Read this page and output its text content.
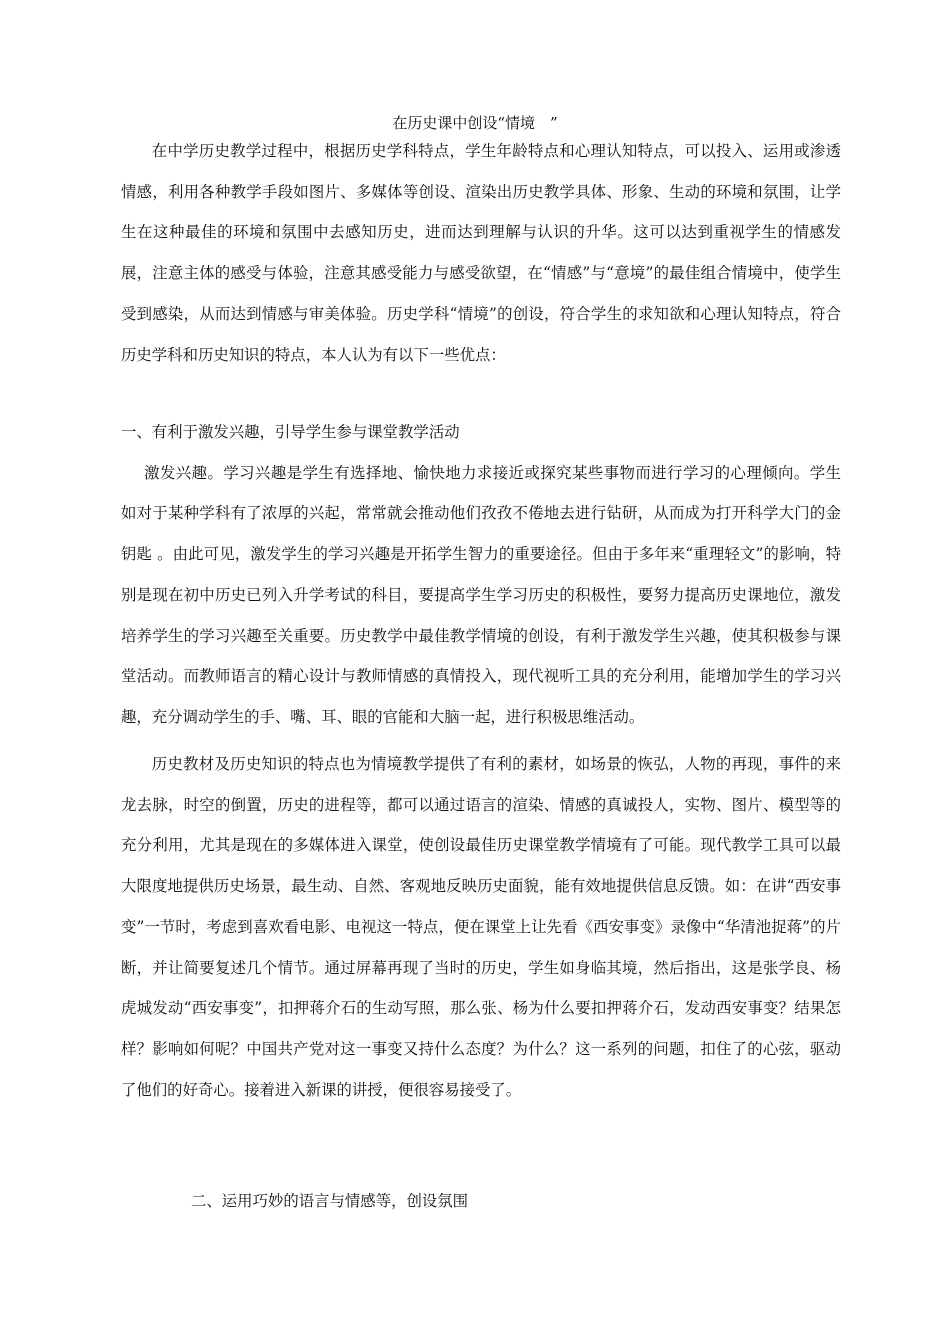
在历史课中创设“情境　”

在中学历史教学过程中，根据历史学科特点，学生年龄特点和心理认知特点，可以投入、运用或渗透情感，利用各种教学手段如图片、多媒体等创设、渲染出历史教学具体、形象、生动的环境和氛围，让学生在这种最佳的环境和氛围中去感知历史，进而达到理解与认识的升华。这可以达到重视学生的情感发展，注意主体的感受与体验，注意其感受能力与感受欲望，在“情感”与“意境”的最佳组合情境中，使学生受到感染，从而达到情感与审美体验。历史学科“情境”的创设，符合学生的求知欲和心理认知特点，符合历史学科和历史知识的特点，本人认为有以下一些优点：

一、有利于激发兴趣，引导学生参与课堂教学活动

激发兴趣。学习兴趣是学生有选择地、愉快地力求接近或探究某些事物而进行学习的心理倾向。学生 如对于某种学科有了浓厚的兴起，常常就会推动他们孜孜不倦地去进行钻研，从而成为打开科学大门的金钥匙 。由此可见，激发学生的学习兴趣是开拓学生智力的重要途径。但由于多年来“重理轻文”的影响，特别是现在初中历史已列入升学考试的科目，要提高学生学习历史的积极性，要努力提高历史课地位，激发培养学生的学习兴趣至关重要。历史教学中最佳教学情境的创设，有利于激发学生兴趣，使其积极参与课堂活动。而教师语言的精心设计与教师情感的真情投入，现代视听工具的充分利用，能增加学生的学习兴趣，充分调动学生的手、嘴、耳、眼的官能和大脑一起，进行积极思维活动。

历史教材及历史知识的特点也为情境教学提供了有利的素材，如场景的恢弘，人物的再现，事件的来龙去脉，时空的倒置，历史的进程等，都可以通过语言的渲染、情感的真诚投人，实物、图片、模型等的充分利用，尤其是现在的多媒体进入课堂，使创设最佳历史课堂教学情境有了可能。现代教学工具可以最大限度地提供历史场景，最生动、自然、客观地反映历史面貌，能有效地提供信息反馈。如：在讲“西安事变”一节时，考虑到喜欢看电影、电视这一特点，便在课堂上让先看《西安事变》录像中“华清池捉蒋”的片断，并让简要复述几个情节。通过屏幕再现了当时的历史，学生如身临其境，然后指出，这是张学良、杨虎城发动“西安事变”，扣押蒋介石的生动写照，那么张、杨为什么要扣押蒋介石，发动西安事变？结果怎样？影响如何呢？中国共产党对这一事变又持什么态度？为什么？这一系列的问题，扣住了的心弦，驱动了他们的好奇心。接着进入新课的讲授，便很容易接受了。

二、运用巧妙的语言与情感等，创设氛围
